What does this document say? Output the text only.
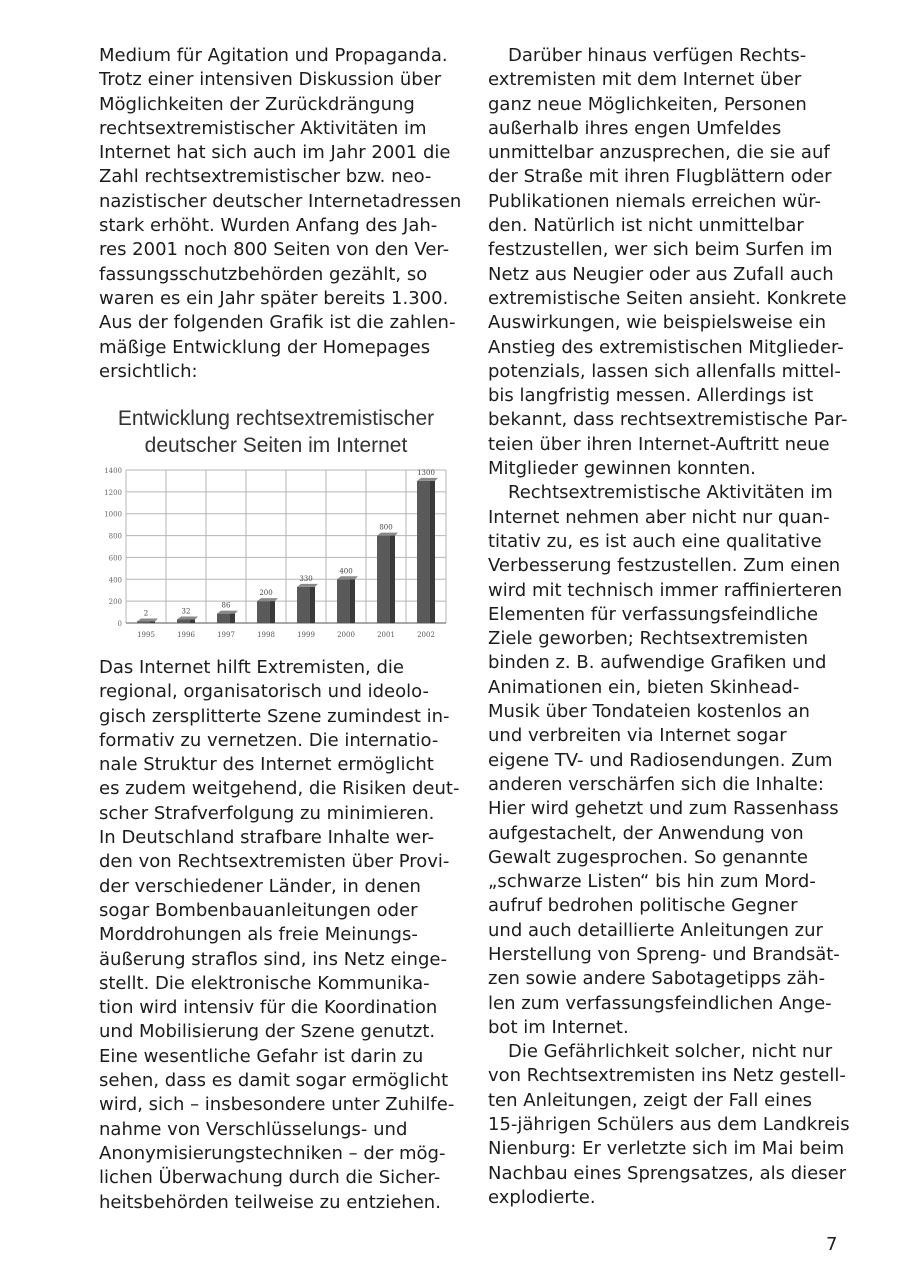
Medium für Agitation und Propaganda.
Trotz einer intensiven Diskussion über
Möglichkeiten der Zurückdrängung
rechtsextremistischer Aktivitäten im
Internet hat sich auch im Jahr 2001 die
Zahl rechtsextremistischer bzw. neo-
nazistischer deutscher Internetadressen
stark erhöht. Wurden Anfang des Jah-
res 2001 noch 800 Seiten von den Ver-
fassungsschutzbehörden gezählt, so
waren es ein Jahr später bereits 1.300.
Aus der folgenden Grafik ist die zahlen-
mäßige Entwicklung der Homepages
ersichtlich:
Entwicklung rechtsextremistischer
deutscher Seiten im Internet
0
200
400
600
800
1000
1200
1400
2
1995
32
1996
86
1997
200
1998
330
1999
400
2000
800
2001
1300
2002
Das Internet hilft Extremisten, die
regional, organisatorisch und ideolo-
gisch zersplitterte Szene zumindest in-
formativ zu vernetzen. Die internatio-
nale Struktur des Internet ermöglicht
es zudem weitgehend, die Risiken deut-
scher Strafverfolgung zu minimieren.
In Deutschland strafbare Inhalte wer-
den von Rechtsextremisten über Provi-
der verschiedener Länder, in denen
sogar Bombenbauanleitungen oder
Morddrohungen als freie Meinungs-
äußerung straflos sind, ins Netz einge-
stellt. Die elektronische Kommunika-
tion wird intensiv für die Koordination
und Mobilisierung der Szene genutzt.
Eine wesentliche Gefahr ist darin zu
sehen, dass es damit sogar ermöglicht
wird, sich – insbesondere unter Zuhilfe-
nahme von Verschlüsselungs- und
Anonymisierungstechniken – der mög-
lichen Überwachung durch die Sicher-
heitsbehörden teilweise zu entziehen.
Darüber hinaus verfügen Rechts-
extremisten mit dem Internet über
ganz neue Möglichkeiten, Personen
außerhalb ihres engen Umfeldes
unmittelbar anzusprechen, die sie auf
der Straße mit ihren Flugblättern oder
Publikationen niemals erreichen wür-
den. Natürlich ist nicht unmittelbar
festzustellen, wer sich beim Surfen im
Netz aus Neugier oder aus Zufall auch
extremistische Seiten ansieht. Konkrete
Auswirkungen, wie beispielsweise ein
Anstieg des extremistischen Mitglieder-
potenzials, lassen sich allenfalls mittel-
bis langfristig messen. Allerdings ist
bekannt, dass rechtsextremistische Par-
teien über ihren Internet-Auftritt neue
Mitglieder gewinnen konnten.
Rechtsextremistische Aktivitäten im
Internet nehmen aber nicht nur quan-
titativ zu, es ist auch eine qualitative
Verbesserung festzustellen. Zum einen
wird mit technisch immer raffinierteren
Elementen für verfassungsfeindliche
Ziele geworben; Rechtsextremisten
binden z. B. aufwendige Grafiken und
Animationen ein, bieten Skinhead-
Musik über Tondateien kostenlos an
und verbreiten via Internet sogar
eigene TV- und Radiosendungen. Zum
anderen verschärfen sich die Inhalte:
Hier wird gehetzt und zum Rassenhass
aufgestachelt, der Anwendung von
Gewalt zugesprochen. So genannte
„schwarze Listen“ bis hin zum Mord-
aufruf bedrohen politische Gegner
und auch detaillierte Anleitungen zur
Herstellung von Spreng- und Brandsät-
zen sowie andere Sabotagetipps zäh-
len zum verfassungsfeindlichen Ange-
bot im Internet.
Die Gefährlichkeit solcher, nicht nur
von Rechtsextremisten ins Netz gestell-
ten Anleitungen, zeigt der Fall eines
15-jährigen Schülers aus dem Landkreis
Nienburg: Er verletzte sich im Mai beim
Nachbau eines Sprengsatzes, als dieser
explodierte.
7
